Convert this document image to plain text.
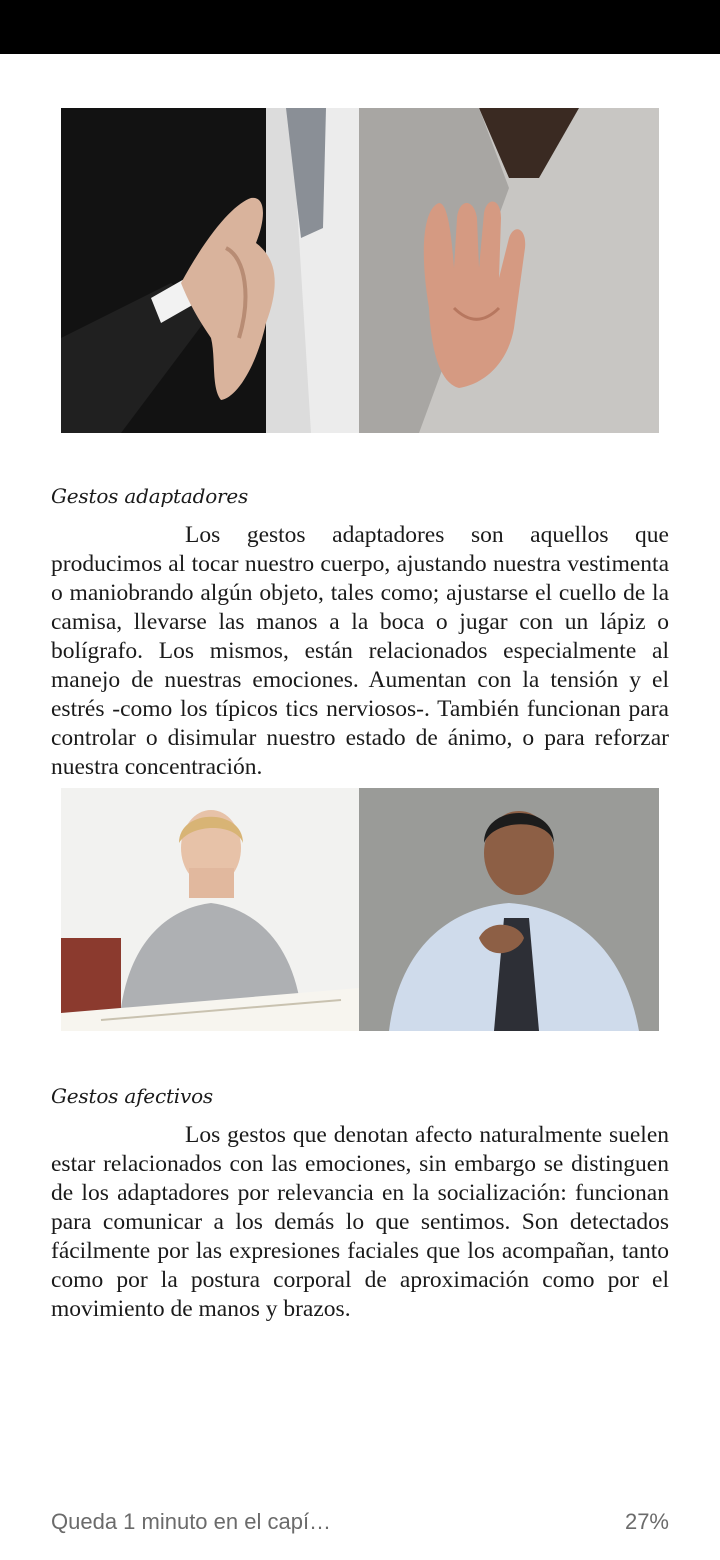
Gestos adaptadores

Los gestos adaptadores son aquellos que producimos al tocar nuestro cuerpo, ajustando nuestra vestimenta o maniobrando algún objeto, tales como; ajustarse el cuello de la camisa, llevarse las manos a la boca o jugar con un lápiz o bolígrafo. Los mismos, están relacionados especialmente al manejo de nuestras emociones. Aumentan con la tensión y el estrés -como los típicos tics nerviosos-. También funcionan para controlar o disimular nuestro estado de ánimo, o para reforzar nuestra concentración.

Gestos afectivos

Los gestos que denotan afecto naturalmente suelen estar relacionados con las emociones, sin embargo se distinguen de los adaptadores por relevancia en la socialización: funcionan para comunicar a los demás lo que sentimos. Son detectados fácilmente por las expresiones faciales que los acompañan, tanto como por la postura corporal de aproximación como por el movimiento de manos y brazos.

Queda 1 minuto en el capí…	27%
